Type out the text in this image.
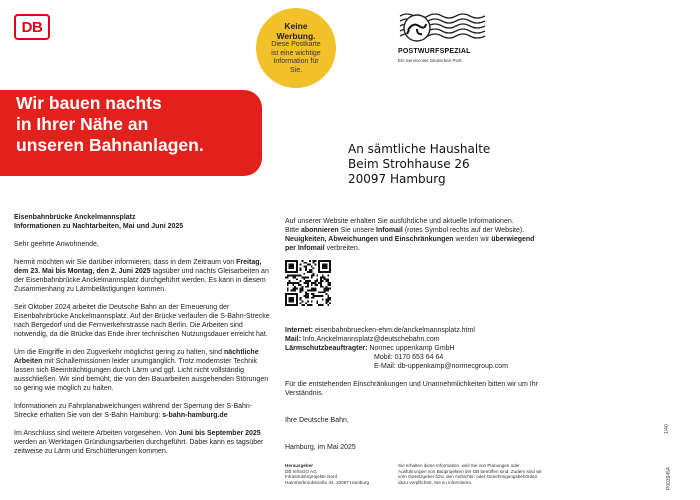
DB	Keine
Werbung.
Diese Postkarte ist eine wichtige Information für Sie.
POSTWURFSPEZIAL
Ein Service der Deutschen Post
Wir bauen nachts
in Ihrer Nähe an
unseren Bahnanlagen.	An sämtliche Haushalte
Beim Strohhause 26
20097 Hamburg

Eisenbahnbrücke Anckelmannsplatz

Informationen zu Nachtarbeiten, Mai und Juni 2025

Sehr geehrte Anwohnende,

hiermit möchten wir Sie darüber informieren, dass in dem Zeitraum von Freitag, dem 23. Mai bis Montag, den 2. Juni 2025 tagsüber und nachts Gleisarbeiten an der Eisenbahnbrücke Anckelmannsplatz durchgeführt werden. Es kann in diesem Zusammenhang zu Lärmbelästigungen kommen.

Seit Oktober 2024 arbeitet die Deutsche Bahn an der Erneuerung der Eisenbahnbrücke Anckelmannsplatz. Auf der Brücke verlaufen die S-Bahn-Strecke nach Bergedorf und die Fernverkehrstrasse nach Berlin. Die Arbeiten sind notwendig, da die Brücke das Ende ihrer technischen Nutzungsdauer erreicht hat.

Um die Eingriffe in den Zugverkehr möglichst gering zu halten, sind nächtliche Arbeiten mit Schallemissionen leider unumgänglich. Trotz modernster Technik lassen sich Beeinträchtigungen durch Lärm und ggf. Licht nicht vollständig ausschließen. Wir sind bemüht, die von den Bauarbeiten ausgehenden Störungen so gering wie möglich zu halten.

Informationen zu Fahrplanabweichungen während der Sperrung der S-Bahn-Strecke erhalten Sie von der S-Bahn Hamburg: s-bahn-hamburg.de

Im Anschluss sind weitere Arbeiten vorgesehen. Von Juni bis September 2025 werden an Werktagen Gründungsarbeiten durchgeführt. Dabei kann es tagsüber zeitweise zu Lärm und Erschütterungen kommen.

Auf unserer Website erhalten Sie ausführliche und aktuelle Informationen.

Bitte abonnieren Sie unsere Infomail (rotes Symbol rechts auf der Website). Neuigkeiten, Abweichungen und Einschränkungen werden wir überwiegend per Infomail verbreiten.

Internet: eisenbahnbruecken-ehm.de/anckelmannsplatz.html

Mail: Info.Anckelmannsplatz@deutschebahn.com

Lärmschutzbeauftragter: Normec uppenkamp GmbH

Mobil: 0170 653 64 64

E-Mail: db-uppenkamp@normecgroup.com

Für die entstehenden Einschränkungen und Unannehmlichkeiten bitten wir um Ihr Verständnis.

Ihre Deutsche Bahn,

Hamburg, im Mai 2025

Herausgeber
DB InfraGO AG
Infrastrukturprojekte Nord
Hammerbrookstraße 44, 20097 Hamburg
Sie erhalten diese Information, weil Sie von Planungen oder Ausführungen von Bauprojekten der DB betroffen sind. Zudem sind wir vom Gesetzgeber bzw. den Aufsichts- oder Genehmigungsbehörden dazu verpflichtet, Sie zu informieren.
1/40
P0039454
